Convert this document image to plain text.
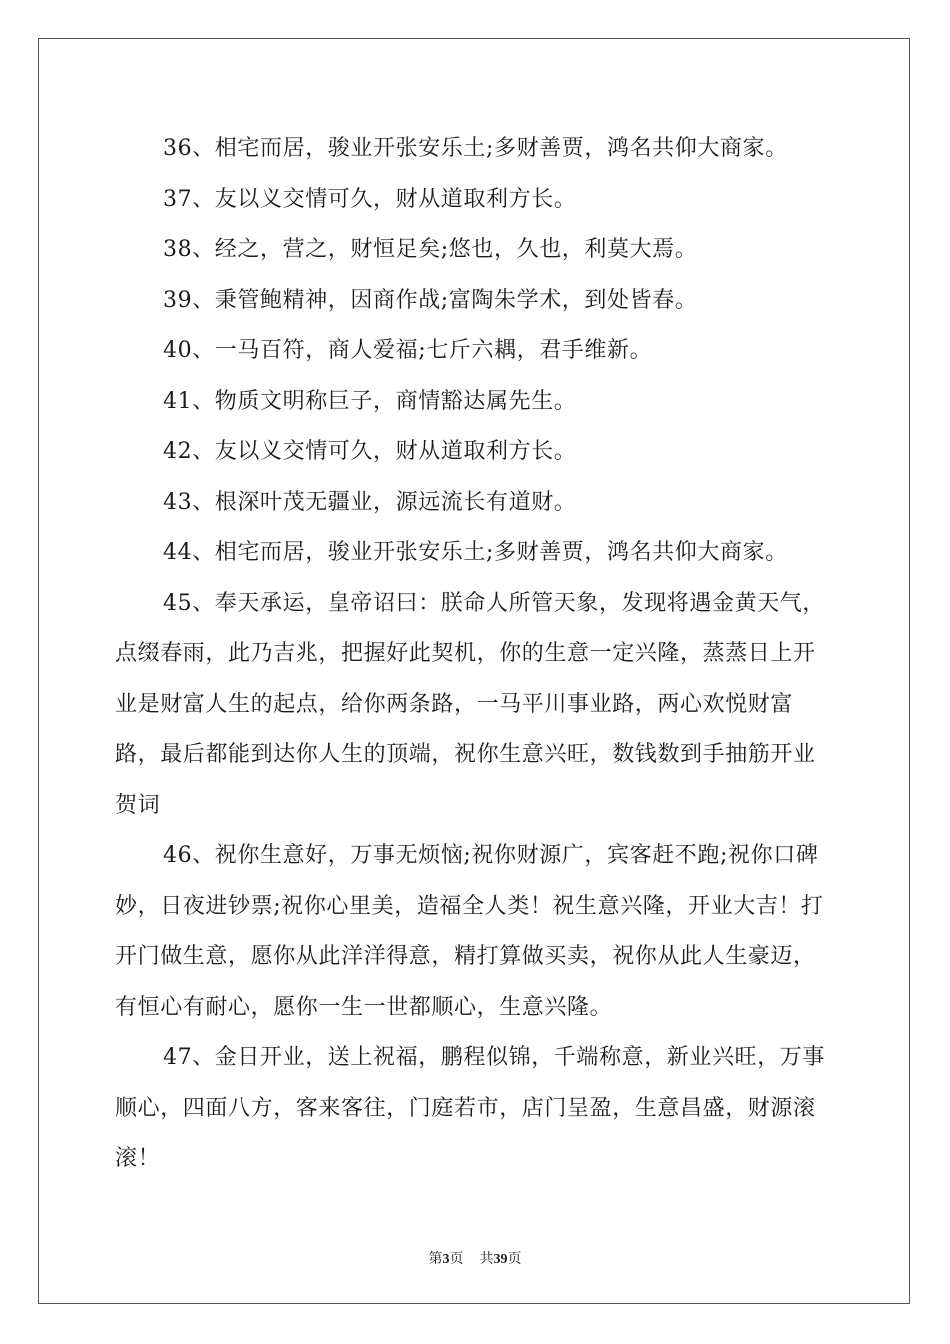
36、相宅而居，骏业开张安乐土;多财善贾，鸿名共仰大商家。

37、友以义交情可久，财从道取利方长。

38、经之，营之，财恒足矣;悠也，久也，利莫大焉。

39、秉管鲍精神，因商作战;富陶朱学术，到处皆春。

40、一马百符，商人爱福;七斤六耦，君手维新。

41、物质文明称巨子，商情豁达属先生。

42、友以义交情可久，财从道取利方长。

43、根深叶茂无疆业，源远流长有道财。

44、相宅而居，骏业开张安乐土;多财善贾，鸿名共仰大商家。

45、奉天承运，皇帝诏曰：朕命人所管天象，发现将遇金黄天气，点缀春雨，此乃吉兆，把握好此契机，你的生意一定兴隆，蒸蒸日上开业是财富人生的起点，给你两条路，一马平川事业路，两心欢悦财富路，最后都能到达你人生的顶端，祝你生意兴旺，数钱数到手抽筋开业贺词

46、祝你生意好，万事无烦恼;祝你财源广，宾客赶不跑;祝你口碑妙，日夜进钞票;祝你心里美，造福全人类！祝生意兴隆，开业大吉！打开门做生意，愿你从此洋洋得意，精打算做买卖，祝你从此人生豪迈，有恒心有耐心，愿你一生一世都顺心，生意兴隆。

47、金日开业，送上祝福，鹏程似锦，千端称意，新业兴旺，万事顺心，四面八方，客来客往，门庭若市，店门呈盈，生意昌盛，财源滚滚！

第3页 共39页
